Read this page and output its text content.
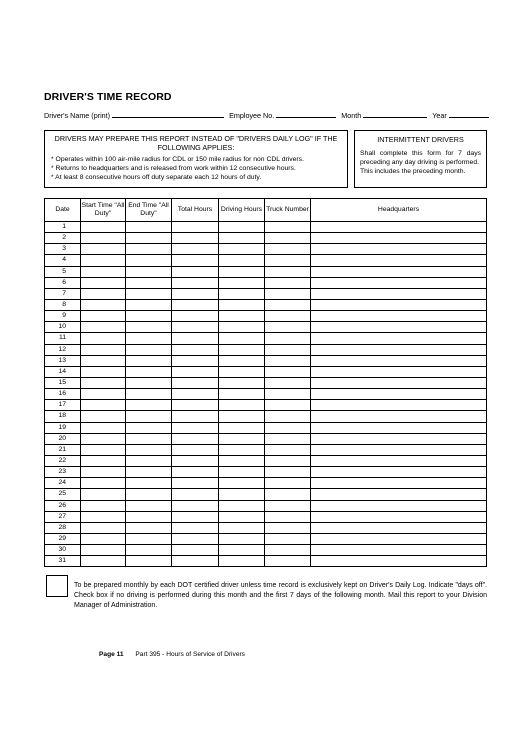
DRIVER'S TIME RECORD
Driver's Name (print)	Employee No.	Month	Year
DRIVERS MAY PREPARE THIS REPORT INSTEAD OF "DRIVERS DAILY LOG" IF THE FOLLOWING APPLIES:
* Operates within 100 air-mile radius for CDL or 150 mile radius for non CDL drivers.
* Returns to headquarters and is released from work within 12 consecutive hours.
* At least 8 consecutive hours off duty separate each 12 hours of duty.
INTERMITTENT DRIVERS
Shall complete this form for 7 days preceding any day driving is performed.
This includes the preceding month.
Date	Start Time "All Duty"	End Time "All Duty"	Total Hours	Driving Hours	Truck Number	Headquarters
1						
2						
3						
4						
5						
6						
7						
8						
9						
10						
11						
12						
13						
14						
15						
16						
17						
18						
19						
20						
21						
22						
23						
24						
25						
26						
27						
28						
29						
30						
31						
To be prepared monthly by each DOT certified driver unless time record is exclusively kept on Driver's Daily Log. Indicate "days off". Check box if no driving is performed during this month and the first 7 days of the following month. Mail this report to your Division Manager of Administration.
Page 11 Part 395 - Hours of Service of Drivers
